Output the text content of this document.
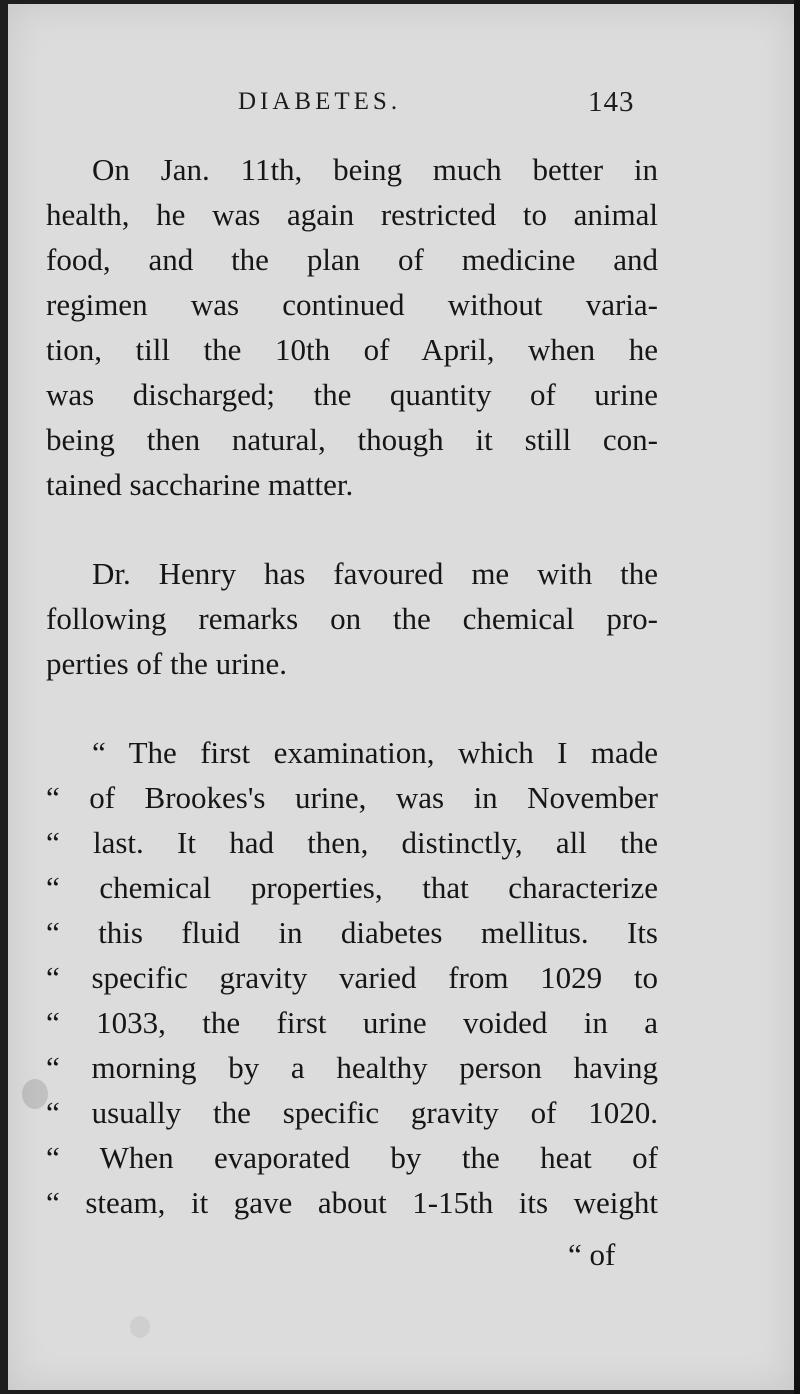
DIABETES.	143

On Jan. 11th, being much better in
health, he was again restricted to animal
food, and the plan of medicine and
regimen was continued without varia-
tion, till the 10th of April, when he
was discharged; the quantity of urine
being then natural, though it still con-
tained saccharine matter.

Dr. Henry has favoured me with the
following remarks on the chemical pro-
perties of the urine.

“ The first examination, which I made
“ of Brookes's urine, was in November
“ last. It had then, distinctly, all the
“ chemical properties, that characterize
“ this fluid in diabetes mellitus. Its
“ specific gravity varied from 1029 to
“ 1033, the first urine voided in a
“ morning by a healthy person having
“ usually the specific gravity of 1020.
“ When evaporated by the heat of
“ steam, it gave about 1-15th its weight

“ of
